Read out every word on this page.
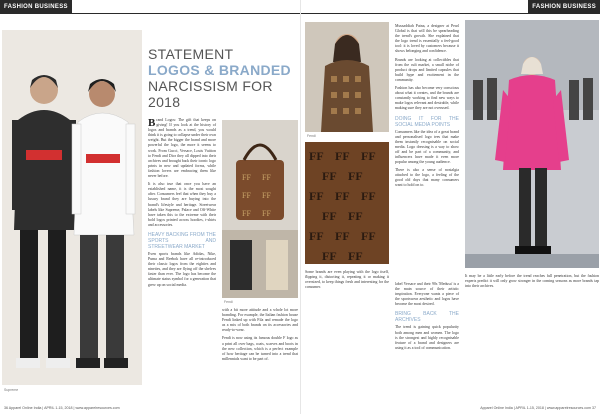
FASHION BUSINESS
Supreme
STATEMENT
LOGOS & BRANDED
NARCISSISM FOR
2018

Brand Logos: The gift that keeps on giving! If you look at the history of logos and brands as a trend, you would think it is going to collapse under their own weight. But the bigger the brand and more powerful the logo, the more it seems to work. From Gucci, Versace, Louis Vuitton to Fendi and Dior they all dipped into their archives and brought back their iconic logo prints in new and updated forms, while fashion lovers are embracing them like never before.

It is also true that once you have an established name, it is the most sought after. Consumers feel that when they buy a luxury brand they are buying into the brand's lifestyle and heritage. Streetwear labels like Supreme, Palace and Off-White have taken this to the extreme with their bold logos printed across hoodies, t-shirts and accessories.

HEAVY BACKING FROM THE SPORTS AND STREETWEAR MARKET

Even sports brands like Adidas, Nike, Puma and Reebok have all re-introduced their classic logos from the eighties and nineties, and they are flying off the shelves faster than ever. The logo has become the ultimate status symbol for a generation that grew up on social media.

FF FF
FF FF
FF FF
Fendi

with a bit more attitude and a whole lot more branding. For example, the Italian fashion house Fendi linked up with Fila and remade the logo as a mix of both brands on its accessories and ready-to-wear.

Fendi is now using its famous double F logo as a print all over bags, coats, scarves and boots in the new collection, which is a perfect example of how heritage can be turned into a trend that millennials want to be part of.

36 Apparel Online India | APRIL 1-15, 2018 | www.apparelresources.com
FASHION BUSINESS
Fendi
FF FF FF
FF FF
FF FF FF
FF FF
FF FF FF
FF FF

Some brands are even playing with the logo itself, flipping it, distorting it, repeating it or making it oversized, to keep things fresh and interesting for the consumer.

Mussaddiah Patna, a designer at Pearl Global is that will this be spearheading the trend's growth. She explained that the logo trend is essentially a feel-good tool: it is loved by customers because it shows belonging and confidence.

Brands are looking at collectibles that from the cult market, a small niche of product drops and limited capsules that build hype and excitement in the community.

Fashion has also become very conscious about what it creates, and the brands are constantly working to find new ways to make logos relevant and desirable, while making sure they are not overused.

DOING IT FOR THE SOCIAL MEDIA POINTS

Consumers like the idea of a great brand and personalised logo tees that make them instantly recognisable on social media. Logo dressing is a way to show off and be part of a community, and influencers have made it even more popular among the young audience.

There is also a sense of nostalgia attached to the logo, a feeling of the good old days that many consumers want to hold on to.

label Versace and their 90s 'Medusa' is a the main source of their artistic inspiration. Everyone wants a piece of the sportswear aesthetic and logos have become the most desired.

BRING BACK THE ARCHIVES

The trend is gaining quick popularity both among men and women. The logo is the strongest and highly recognisable feature of a brand and designers are using it as a tool of communication.

It may be a little early before the trend reaches full penetration, but the fashion experts predict it will only grow stronger in the coming seasons as more brands tap into their archives.

Apparel Online India | APRIL 1-15, 2018 | www.apparelresources.com 37
